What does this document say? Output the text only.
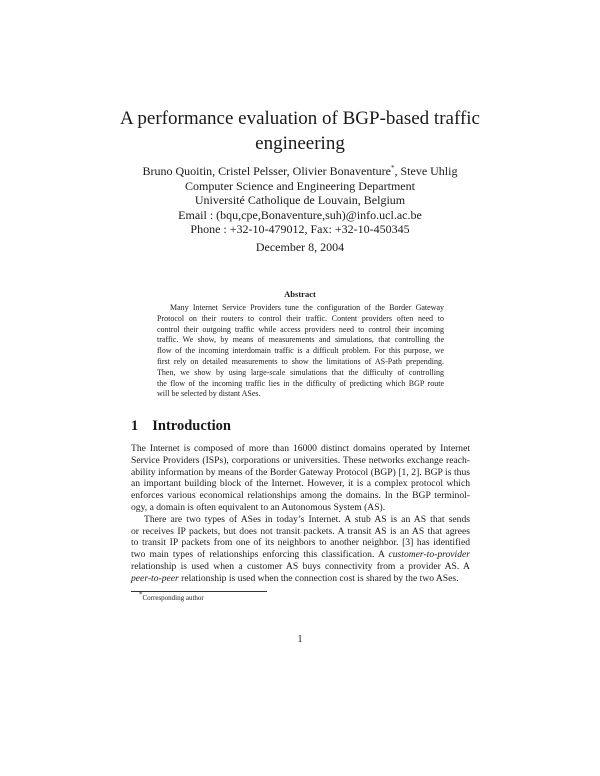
A performance evaluation of BGP-based traffic
engineering
Bruno Quoitin, Cristel Pelsser, Olivier Bonaventure*, Steve Uhlig
Computer Science and Engineering Department
Université Catholique de Louvain, Belgium
Email : (bqu,cpe,Bonaventure,suh)@info.ucl.ac.be
Phone : +32-10-479012, Fax: +32-10-450345
December 8, 2004
Abstract
Many Internet Service Providers tune the configuration of the Border Gateway
Protocol on their routers to control their traffic. Content providers often need to
control their outgoing traffic while access providers need to control their incoming
traffic. We show, by means of measurements and simulations, that controlling the
flow of the incoming interdomain traffic is a difficult problem. For this purpose, we
first rely on detailed measurements to show the limitations of AS-Path prepending.
Then, we show by using large-scale simulations that the difficulty of controlling
the flow of the incoming traffic lies in the difficulty of predicting which BGP route
will be selected by distant ASes.
1 Introduction
The Internet is composed of more than 16000 distinct domains operated by Internet
Service Providers (ISPs), corporations or universities. These networks exchange reach-
ability information by means of the Border Gateway Protocol (BGP) [1, 2]. BGP is thus
an important building block of the Internet. However, it is a complex protocol which
enforces various economical relationships among the domains. In the BGP terminol-
ogy, a domain is often equivalent to an Autonomous System (AS).
There are two types of ASes in today’s Internet. A stub AS is an AS that sends
or receives IP packets, but does not transit packets. A transit AS is an AS that agrees
to transit IP packets from one of its neighbors to another neighbor. [3] has identified
two main types of relationships enforcing this classification. A customer-to-provider
relationship is used when a customer AS buys connectivity from a provider AS. A
peer-to-peer relationship is used when the connection cost is shared by the two ASes.
*Corresponding author
1
